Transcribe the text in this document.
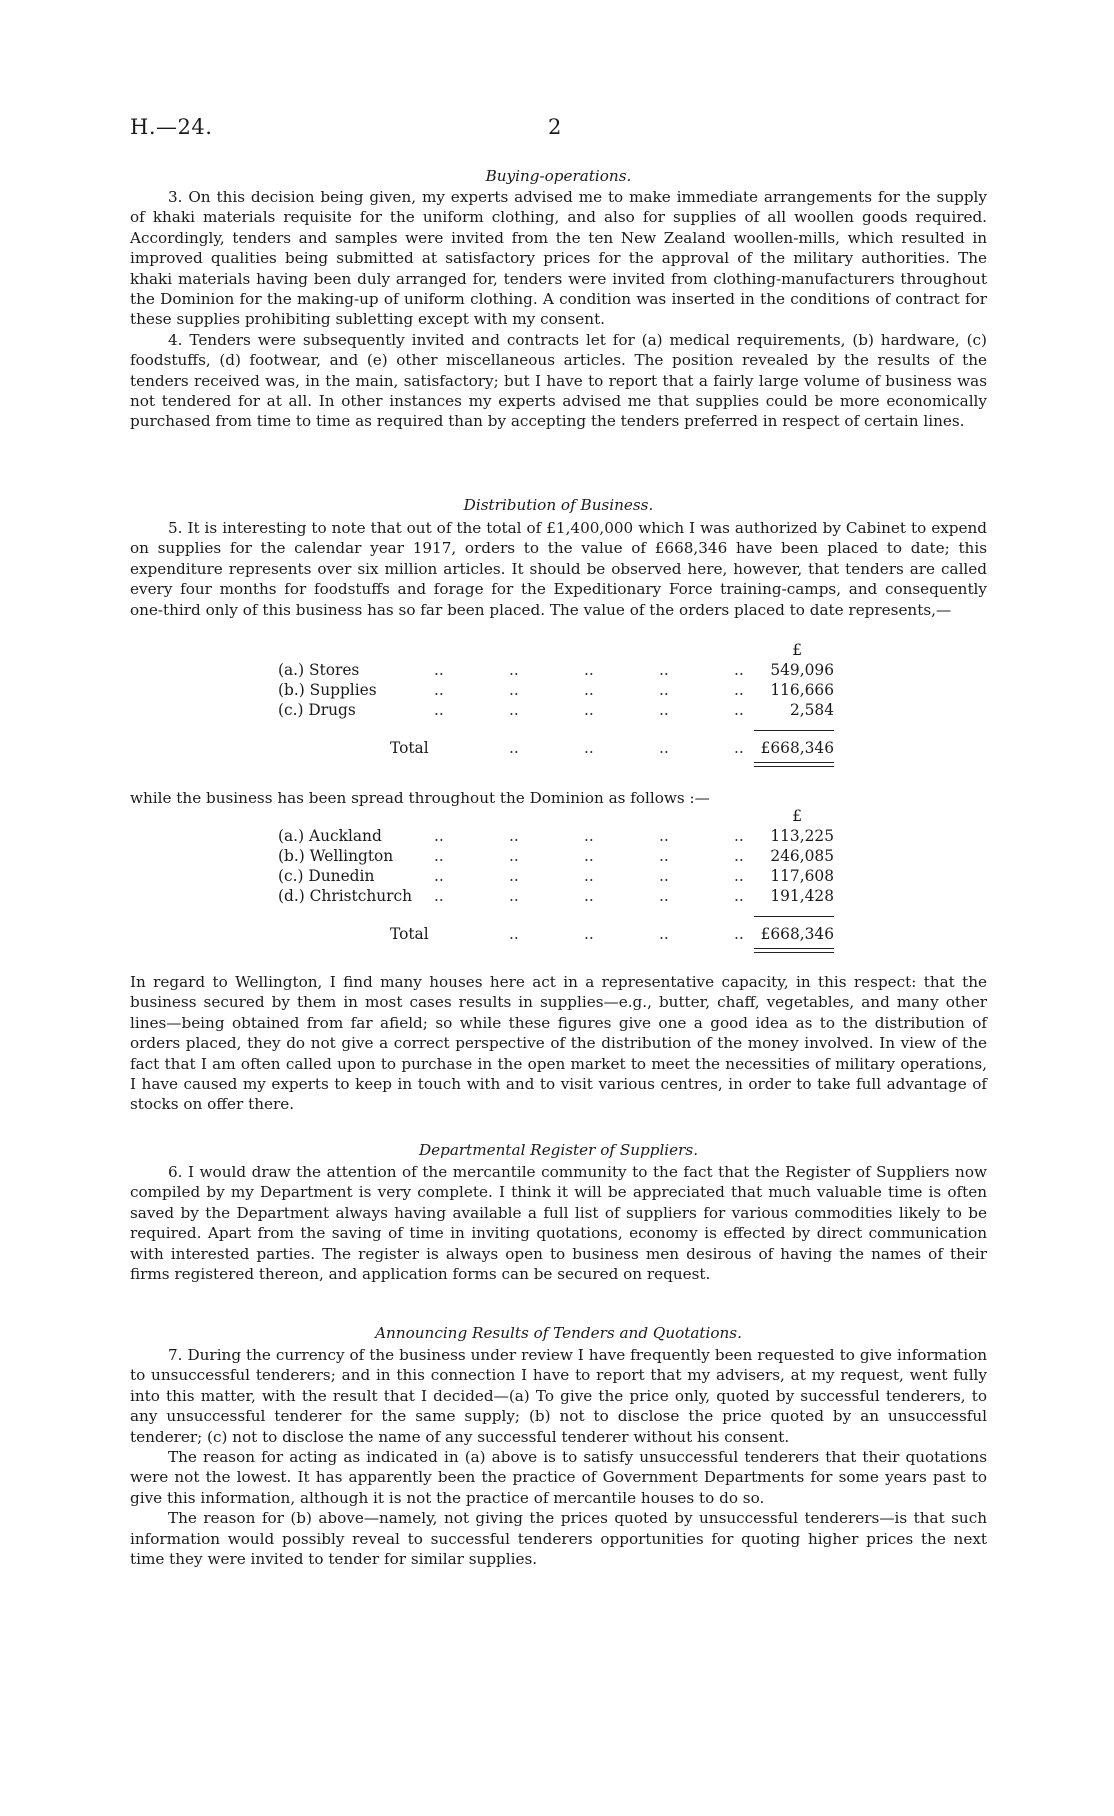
H.—24.	2
Buying-operations.

3. On this decision being given, my experts advised me to make immediate arrangements for the supply of khaki materials requisite for the uniform clothing, and also for supplies of all woollen goods required. Accordingly, tenders and samples were invited from the ten New Zealand woollen-mills, which resulted in improved qualities being submitted at satisfactory prices for the approval of the military authorities. The khaki materials having been duly arranged for, tenders were invited from clothing-manufacturers throughout the Dominion for the making-up of uniform clothing. A condition was inserted in the conditions of contract for these supplies prohibiting subletting except with my consent.

4. Tenders were subsequently invited and contracts let for (a) medical requirements, (b) hardware, (c) foodstuffs, (d) footwear, and (e) other miscellaneous articles. The position revealed by the results of the tenders received was, in the main, satisfactory; but I have to report that a fairly large volume of business was not tendered for at all. In other instances my experts advised me that supplies could be more economically purchased from time to time as required than by accepting the tenders preferred in respect of certain lines.

Distribution of Business.

5. It is interesting to note that out of the total of £1,400,000 which I was authorized by Cabinet to expend on supplies for the calendar year 1917, orders to the value of £668,346 have been placed to date; this expenditure represents over six million articles. It should be observed here, however, that tenders are called every four months for foodstuffs and forage for the Expeditionary Force training-camps, and consequently one-third only of this business has so far been placed. The value of the orders placed to date represents,—

£
(a.) Stores	..	..	..	..	..	549,096
(b.) Supplies	..	..	..	..	..	116,666
(c.) Drugs	..	..	..	..	..	2,584
Total	..	..	..	..	£668,346

while the business has been spread throughout the Dominion as follows :—

£
(a.) Auckland	..	..	..	..	..	113,225
(b.) Wellington	..	..	..	..	..	246,085
(c.) Dunedin	..	..	..	..	..	117,608
(d.) Christchurch ..	..	..	..	..	191,428
Total	..	..	..	..	£668,346

In regard to Wellington, I find many houses here act in a representative capacity, in this respect: that the business secured by them in most cases results in supplies—e.g., butter, chaff, vegetables, and many other lines—being obtained from far afield; so while these figures give one a good idea as to the distribution of orders placed, they do not give a correct perspective of the distribution of the money involved. In view of the fact that I am often called upon to purchase in the open market to meet the necessities of military operations, I have caused my experts to keep in touch with and to visit various centres, in order to take full advantage of stocks on offer there.

Departmental Register of Suppliers.

6. I would draw the attention of the mercantile community to the fact that the Register of Suppliers now compiled by my Department is very complete. I think it will be appreciated that much valuable time is often saved by the Department always having available a full list of suppliers for various commodities likely to be required. Apart from the saving of time in inviting quotations, economy is effected by direct communication with interested parties. The register is always open to business men desirous of having the names of their firms registered thereon, and application forms can be secured on request.

Announcing Results of Tenders and Quotations.

7. During the currency of the business under review I have frequently been requested to give information to unsuccessful tenderers; and in this connection I have to report that my advisers, at my request, went fully into this matter, with the result that I decided—(a) To give the price only, quoted by successful tenderers, to any unsuccessful tenderer for the same supply; (b) not to disclose the price quoted by an unsuccessful tenderer; (c) not to disclose the name of any successful tenderer without his consent.

The reason for acting as indicated in (a) above is to satisfy unsuccessful tenderers that their quotations were not the lowest. It has apparently been the practice of Government Departments for some years past to give this information, although it is not the practice of mercantile houses to do so.

The reason for (b) above—namely, not giving the prices quoted by unsuccessful tenderers—is that such information would possibly reveal to successful tenderers opportunities for quoting higher prices the next time they were invited to tender for similar supplies.
